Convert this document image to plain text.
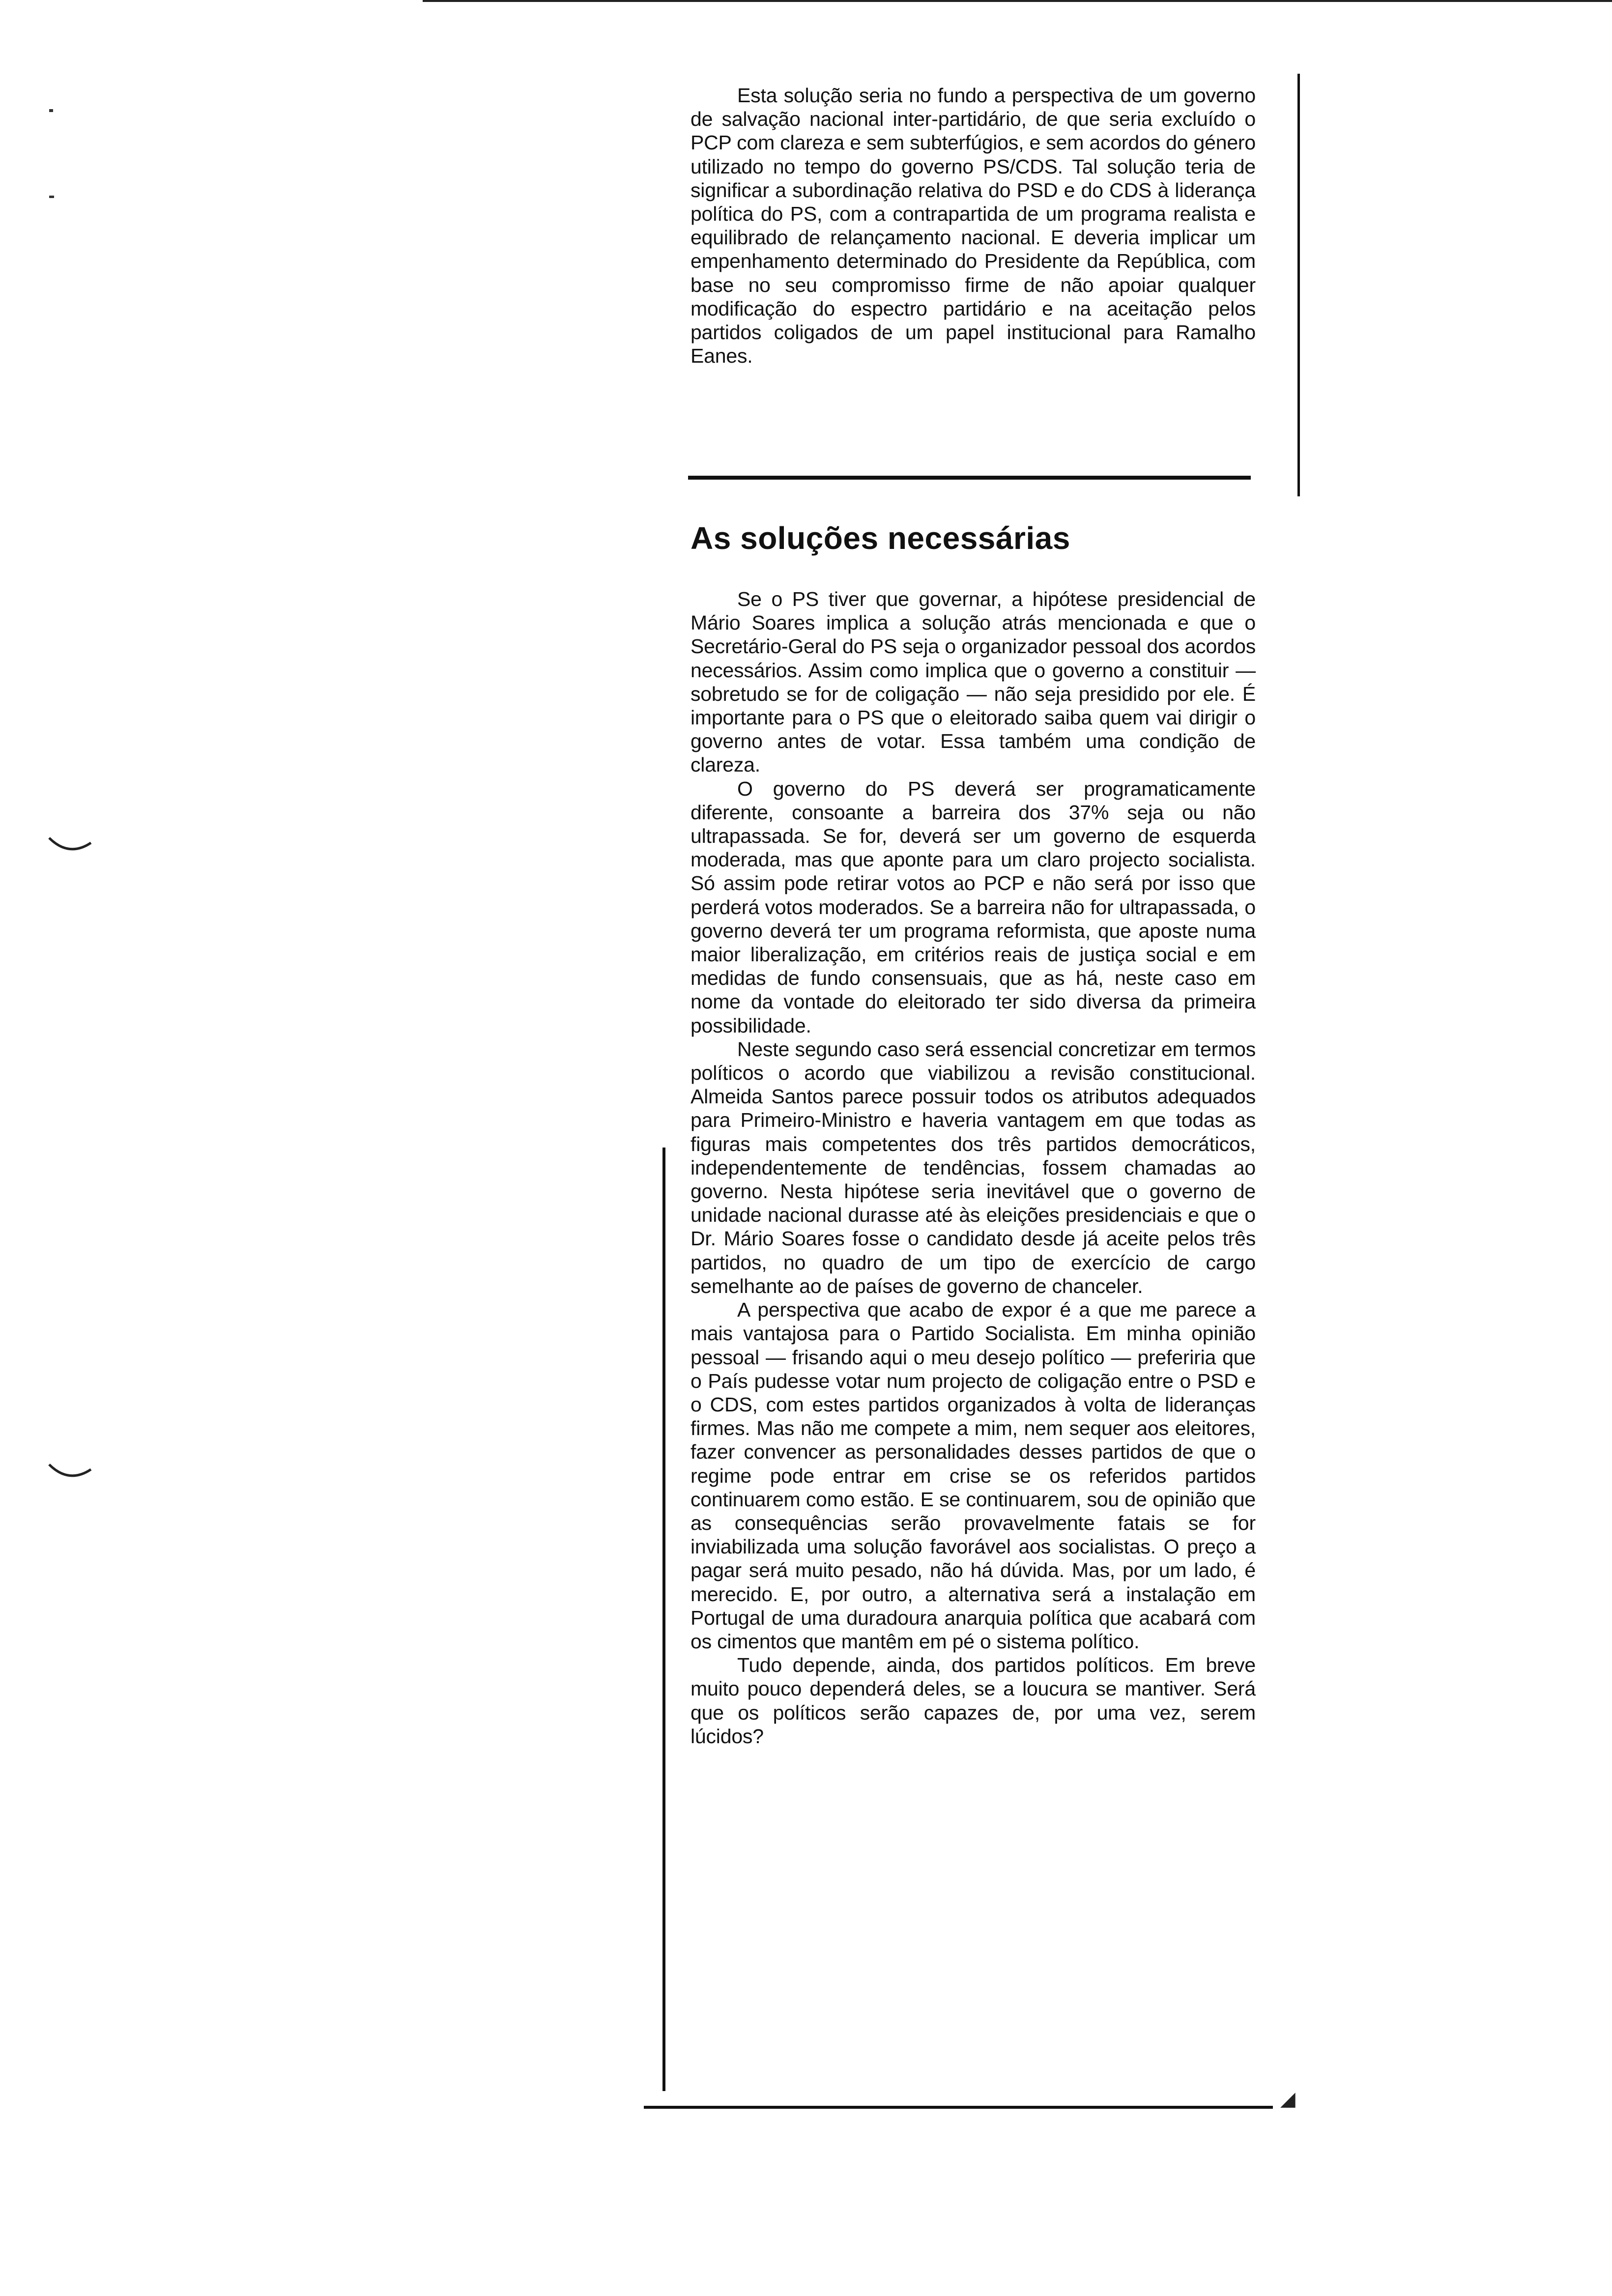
Esta solução seria no fundo a perspectiva de um governo de salvação nacional inter-partidário, de que seria excluído o PCP com clareza e sem subterfúgios, e sem acordos do género utilizado no tempo do governo PS/CDS. Tal solução teria de significar a subordinação relativa do PSD e do CDS à liderança política do PS, com a contrapartida de um programa realista e equilibrado de relançamento nacional. E deveria implicar um empenhamento determinado do Presidente da República, com base no seu compromisso firme de não apoiar qualquer modificação do espectro partidário e na aceitação pelos partidos coligados de um papel institucional para Ramalho Eanes.

As soluções necessárias

Se o PS tiver que governar, a hipótese presidencial de Mário Soares implica a solução atrás mencionada e que o Secretário-Geral do PS seja o organizador pessoal dos acordos necessários. Assim como implica que o governo a constituir — sobretudo se for de coligação — não seja presidido por ele. É importante para o PS que o eleitorado saiba quem vai dirigir o governo antes de votar. Essa também uma condição de clareza.

O governo do PS deverá ser programaticamente diferente, consoante a barreira dos 37% seja ou não ultrapassada. Se for, deverá ser um governo de esquerda moderada, mas que aponte para um claro projecto socialista. Só assim pode retirar votos ao PCP e não será por isso que perderá votos moderados. Se a barreira não for ultrapassada, o governo deverá ter um programa reformista, que aposte numa maior liberalização, em critérios reais de justiça social e em medidas de fundo consensuais, que as há, neste caso em nome da vontade do eleitorado ter sido diversa da primeira possibilidade.

Neste segundo caso será essencial concretizar em termos políticos o acordo que viabilizou a revisão constitucional. Almeida Santos parece possuir todos os atributos adequados para Primeiro-Ministro e haveria vantagem em que todas as figuras mais competentes dos três partidos democráticos, independentemente de tendências, fossem chamadas ao governo. Nesta hipótese seria inevitável que o governo de unidade nacional durasse até às eleições presidenciais e que o Dr. Mário Soares fosse o candidato desde já aceite pelos três partidos, no quadro de um tipo de exercício de cargo semelhante ao de países de governo de chanceler.

A perspectiva que acabo de expor é a que me parece a mais vantajosa para o Partido Socialista. Em minha opinião pessoal — frisando aqui o meu desejo político — preferiria que o País pudesse votar num projecto de coligação entre o PSD e o CDS, com estes partidos organizados à volta de lideranças firmes. Mas não me compete a mim, nem sequer aos eleitores, fazer convencer as personalidades desses partidos de que o regime pode entrar em crise se os referidos partidos continuarem como estão. E se continuarem, sou de opinião que as consequências serão provavelmente fatais se for inviabilizada uma solução favorável aos socialistas. O preço a pagar será muito pesado, não há dúvida. Mas, por um lado, é merecido. E, por outro, a alternativa será a instalação em Portugal de uma duradoura anarquia política que acabará com os cimentos que mantêm em pé o sistema político.

Tudo depende, ainda, dos partidos políticos. Em breve muito pouco dependerá deles, se a loucura se mantiver. Será que os políticos serão capazes de, por uma vez, serem lúcidos?

◢
